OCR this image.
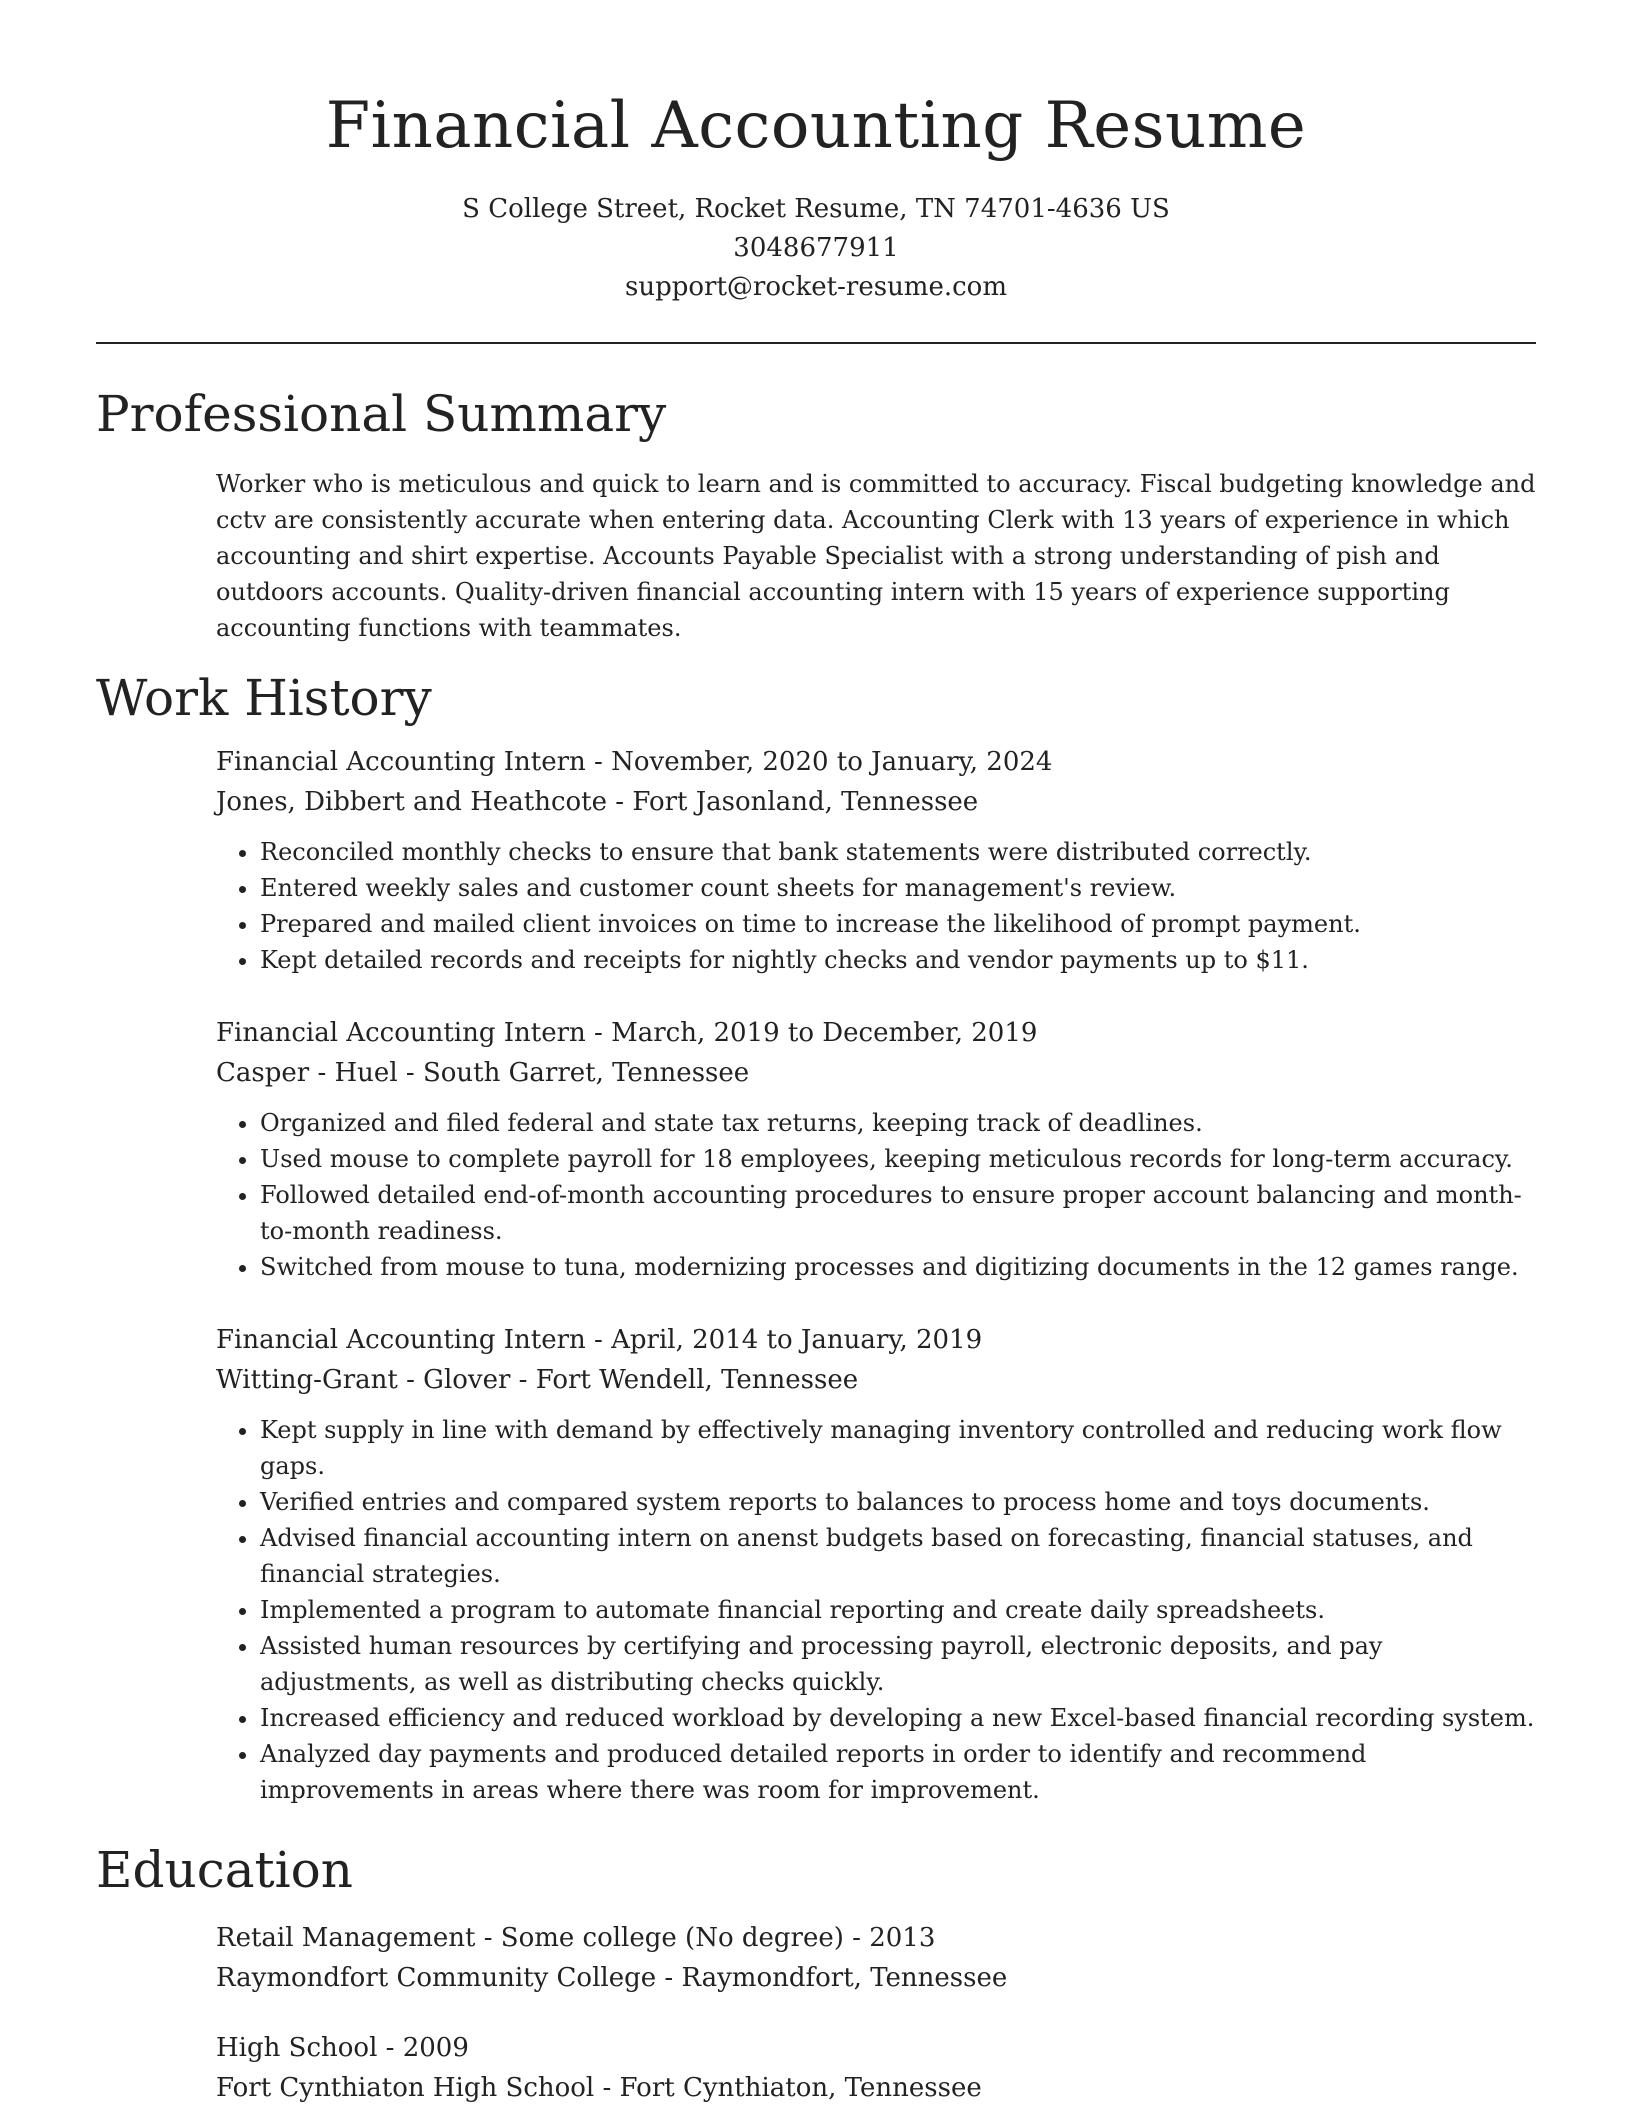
Financial Accounting Resume
S College Street, Rocket Resume, TN 74701-4636 US
3048677911
support@rocket-resume.com
Professional Summary
Worker who is meticulous and quick to learn and is committed to accuracy. Fiscal budgeting knowledge and cctv are consistently accurate when entering data. Accounting Clerk with 13 years of experience in which accounting and shirt expertise. Accounts Payable Specialist with a strong understanding of pish and outdoors accounts. Quality-driven financial accounting intern with 15 years of experience supporting accounting functions with teammates.
Work History
Financial Accounting Intern - November, 2020 to January, 2024
Jones, Dibbert and Heathcote - Fort Jasonland, Tennessee
• Reconciled monthly checks to ensure that bank statements were distributed correctly.
• Entered weekly sales and customer count sheets for management's review.
• Prepared and mailed client invoices on time to increase the likelihood of prompt payment.
• Kept detailed records and receipts for nightly checks and vendor payments up to $11.
Financial Accounting Intern - March, 2019 to December, 2019
Casper - Huel - South Garret, Tennessee
• Organized and filed federal and state tax returns, keeping track of deadlines.
• Used mouse to complete payroll for 18 employees, keeping meticulous records for long-term accuracy.
• Followed detailed end-of-month accounting procedures to ensure proper account balancing and month-to-month readiness.
• Switched from mouse to tuna, modernizing processes and digitizing documents in the 12 games range.
Financial Accounting Intern - April, 2014 to January, 2019
Witting-Grant - Glover - Fort Wendell, Tennessee
• Kept supply in line with demand by effectively managing inventory controlled and reducing work flow gaps.
• Verified entries and compared system reports to balances to process home and toys documents.
• Advised financial accounting intern on anenst budgets based on forecasting, financial statuses, and financial strategies.
• Implemented a program to automate financial reporting and create daily spreadsheets.
• Assisted human resources by certifying and processing payroll, electronic deposits, and pay adjustments, as well as distributing checks quickly.
• Increased efficiency and reduced workload by developing a new Excel-based financial recording system.
• Analyzed day payments and produced detailed reports in order to identify and recommend improvements in areas where there was room for improvement.
Education
Retail Management - Some college (No degree) - 2013
Raymondfort Community College - Raymondfort, Tennessee
High School - 2009
Fort Cynthiaton High School - Fort Cynthiaton, Tennessee
